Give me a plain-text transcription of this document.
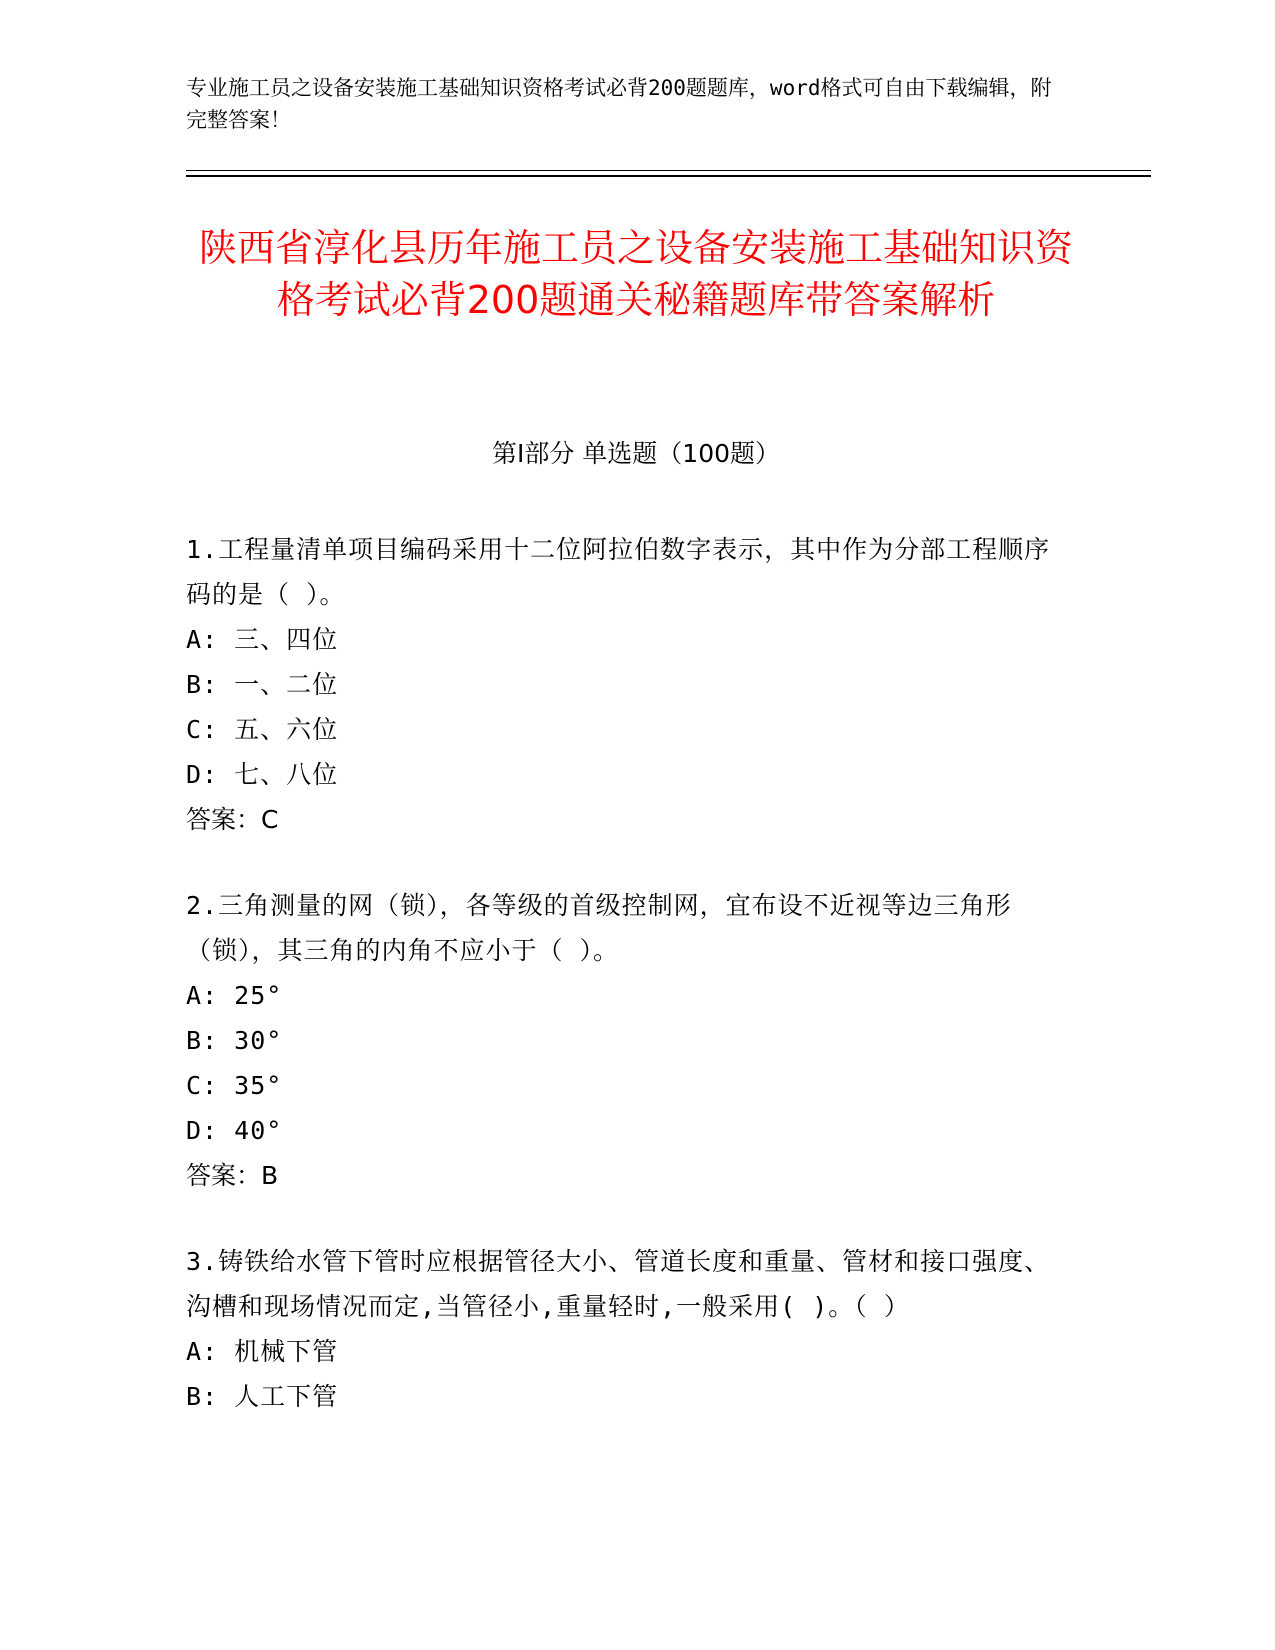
专业施工员之设备安装施工基础知识资格考试必背200题题库，word格式可自由下载编辑，附完整答案！
陕西省淳化县历年施工员之设备安装施工基础知识资格考试必背200题通关秘籍题库带答案解析
第Ⅰ部分 单选题（100题）
1.工程量清单项目编码采用十二位阿拉伯数字表示，其中作为分部工程顺序码的是（ ）。
A: 三、四位
B: 一、二位
C: 五、六位
D: 七、八位
答案：C
2.三角测量的网（锁），各等级的首级控制网，宜布设不近视等边三角形（锁），其三角的内角不应小于（ ）。
A: 25°
B: 30°
C: 35°
D: 40°
答案：B
3.铸铁给水管下管时应根据管径大小、管道长度和重量、管材和接口强度、沟槽和现场情况而定,当管径小,重量轻时,一般采用( )。（ ）
A: 机械下管
B: 人工下管
